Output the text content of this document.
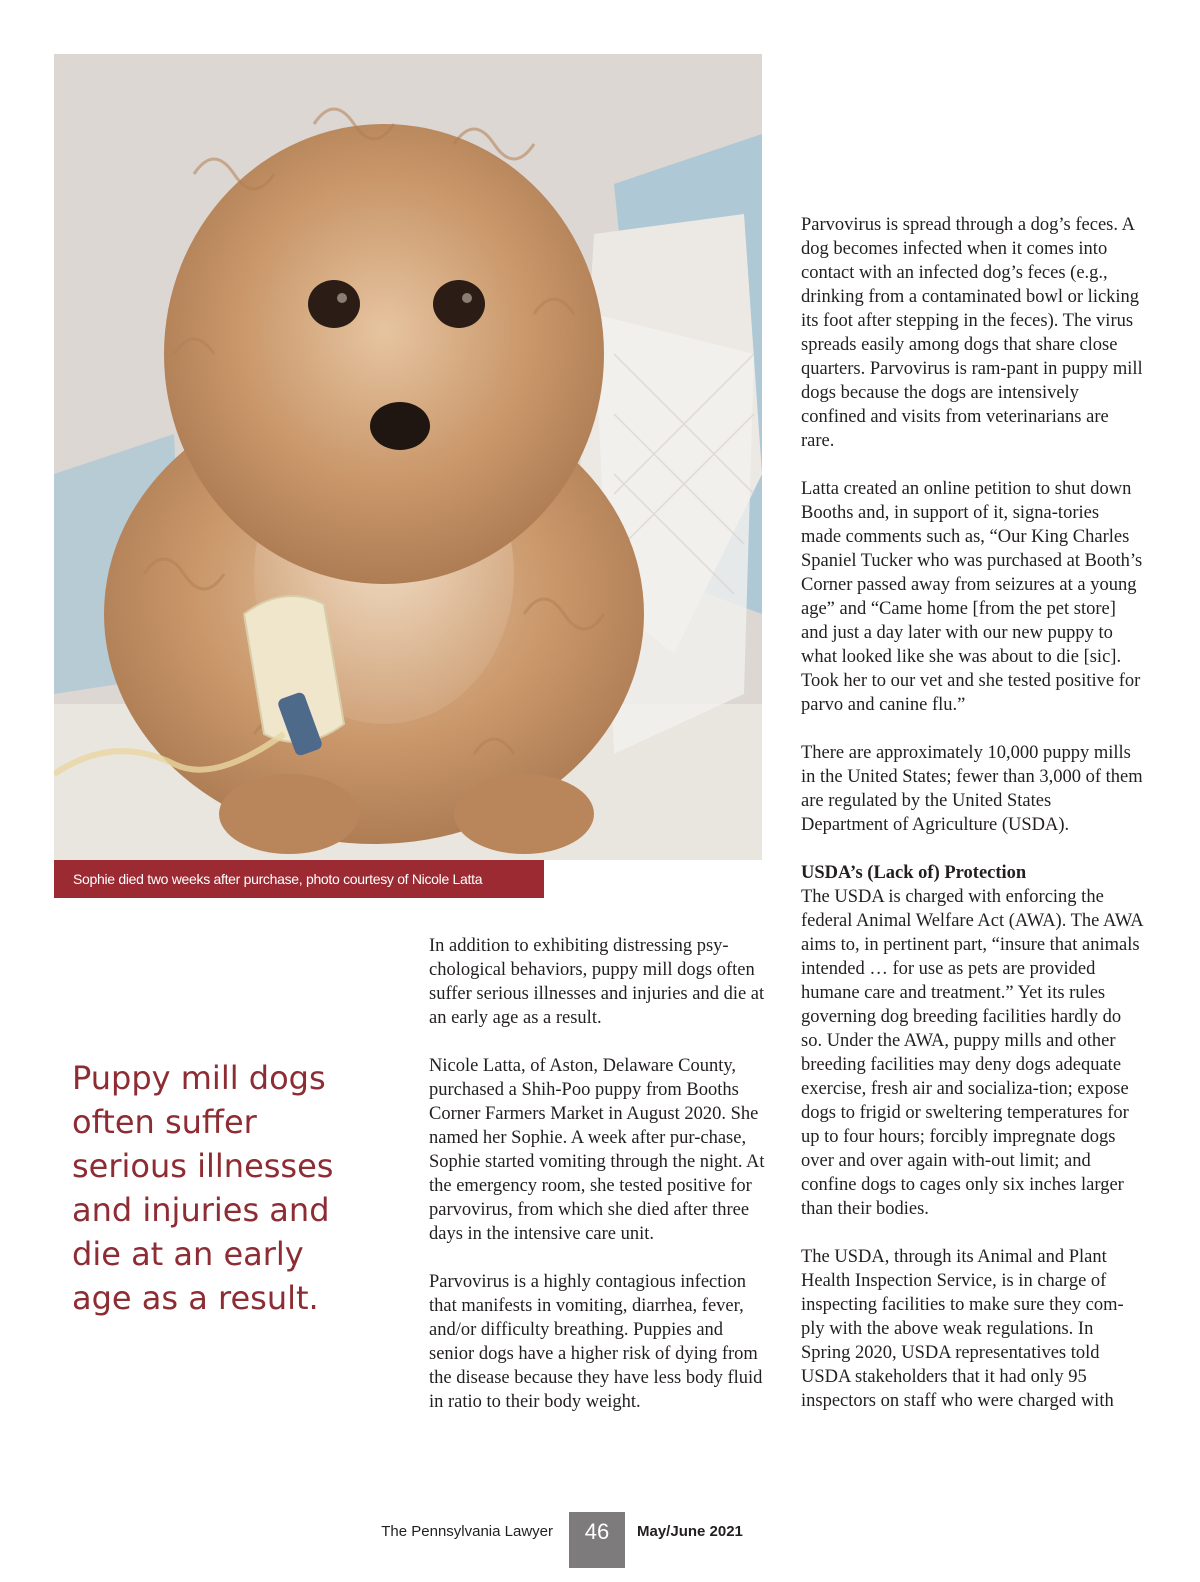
Sophie died two weeks after purchase, photo courtesy of Nicole Latta

Puppy mill dogs often suffer serious illnesses and injuries and die at an early age as a result.

In addition to exhibiting distressing psy-chological behaviors, puppy mill dogs often suffer serious illnesses and injuries and die at an early age as a result.

Nicole Latta, of Aston, Delaware County, purchased a Shih-Poo puppy from Booths Corner Farmers Market in August 2020. She named her Sophie. A week after pur-chase, Sophie started vomiting through the night. At the emergency room, she tested positive for parvovirus, from which she died after three days in the intensive care unit.

Parvovirus is a highly contagious infection that manifests in vomiting, diarrhea, fever, and/or difficulty breathing. Puppies and senior dogs have a higher risk of dying from the disease because they have less body fluid in ratio to their body weight.

Parvovirus is spread through a dog’s feces. A dog becomes infected when it comes into contact with an infected dog’s feces (e.g., drinking from a contaminated bowl or licking its foot after stepping in the feces). The virus spreads easily among dogs that share close quarters. Parvovirus is ram-pant in puppy mill dogs because the dogs are intensively confined and visits from veterinarians are rare.

Latta created an online petition to shut down Booths and, in support of it, signa-tories made comments such as, “Our King Charles Spaniel Tucker who was purchased at Booth’s Corner passed away from seizures at a young age” and “Came home [from the pet store] and just a day later with our new puppy to what looked like she was about to die [sic]. Took her to our vet and she tested positive for parvo and canine flu.”

There are approximately 10,000 puppy mills in the United States; fewer than 3,000 of them are regulated by the United States Department of Agriculture (USDA).

USDA’s (Lack of) Protection

The USDA is charged with enforcing the federal Animal Welfare Act (AWA). The AWA aims to, in pertinent part, “insure that animals intended … for use as pets are provided humane care and treatment.” Yet its rules governing dog breeding facilities hardly do so. Under the AWA, puppy mills and other breeding facilities may deny dogs adequate exercise, fresh air and socializa-tion; expose dogs to frigid or sweltering temperatures for up to four hours; forcibly impregnate dogs over and over again with-out limit; and confine dogs to cages only six inches larger than their bodies.

The USDA, through its Animal and Plant Health Inspection Service, is in charge of inspecting facilities to make sure they com-ply with the above weak regulations. In Spring 2020, USDA representatives told USDA stakeholders that it had only 95 inspectors on staff who were charged with

The Pennsylvania Lawyer	46	May/June 2021
